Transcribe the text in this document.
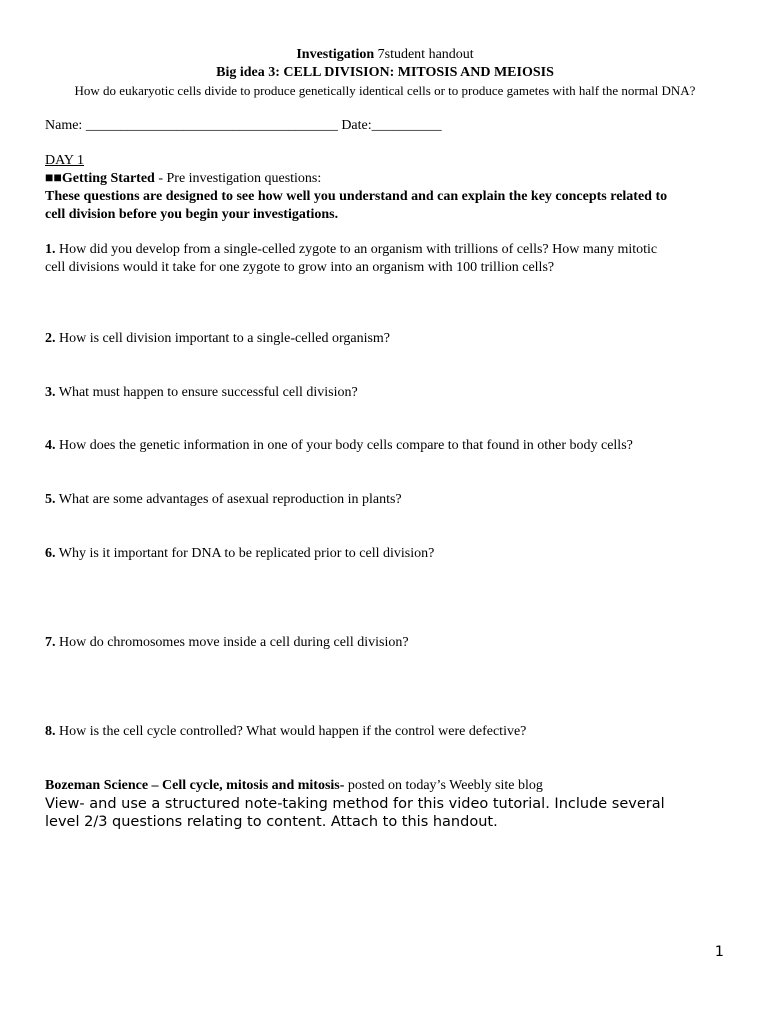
Investigation 7student handout
Big idea 3: CELL DIVISION: MITOSIS AND MEIOSIS
How do eukaryotic cells divide to produce genetically identical cells or to produce gametes with half the normal DNA?
Name: ____________________________________ Date:__________
DAY 1
■■Getting Started - Pre investigation questions:
These questions are designed to see how well you understand and can explain the key concepts related to
cell division before you begin your investigations.
1. How did you develop from a single-celled zygote to an organism with trillions of cells? How many mitotic
cell divisions would it take for one zygote to grow into an organism with 100 trillion cells?
2. How is cell division important to a single-celled organism?
3. What must happen to ensure successful cell division?
4. How does the genetic information in one of your body cells compare to that found in other body cells?
5. What are some advantages of asexual reproduction in plants?
6. Why is it important for DNA to be replicated prior to cell division?
7. How do chromosomes move inside a cell during cell division?
8. How is the cell cycle controlled? What would happen if the control were defective?
Bozeman Science – Cell cycle, mitosis and mitosis- posted on today’s Weebly site blog
View- and use a structured note-taking method for this video tutorial. Include several
level 2/3 questions relating to content. Attach to this handout.
1
